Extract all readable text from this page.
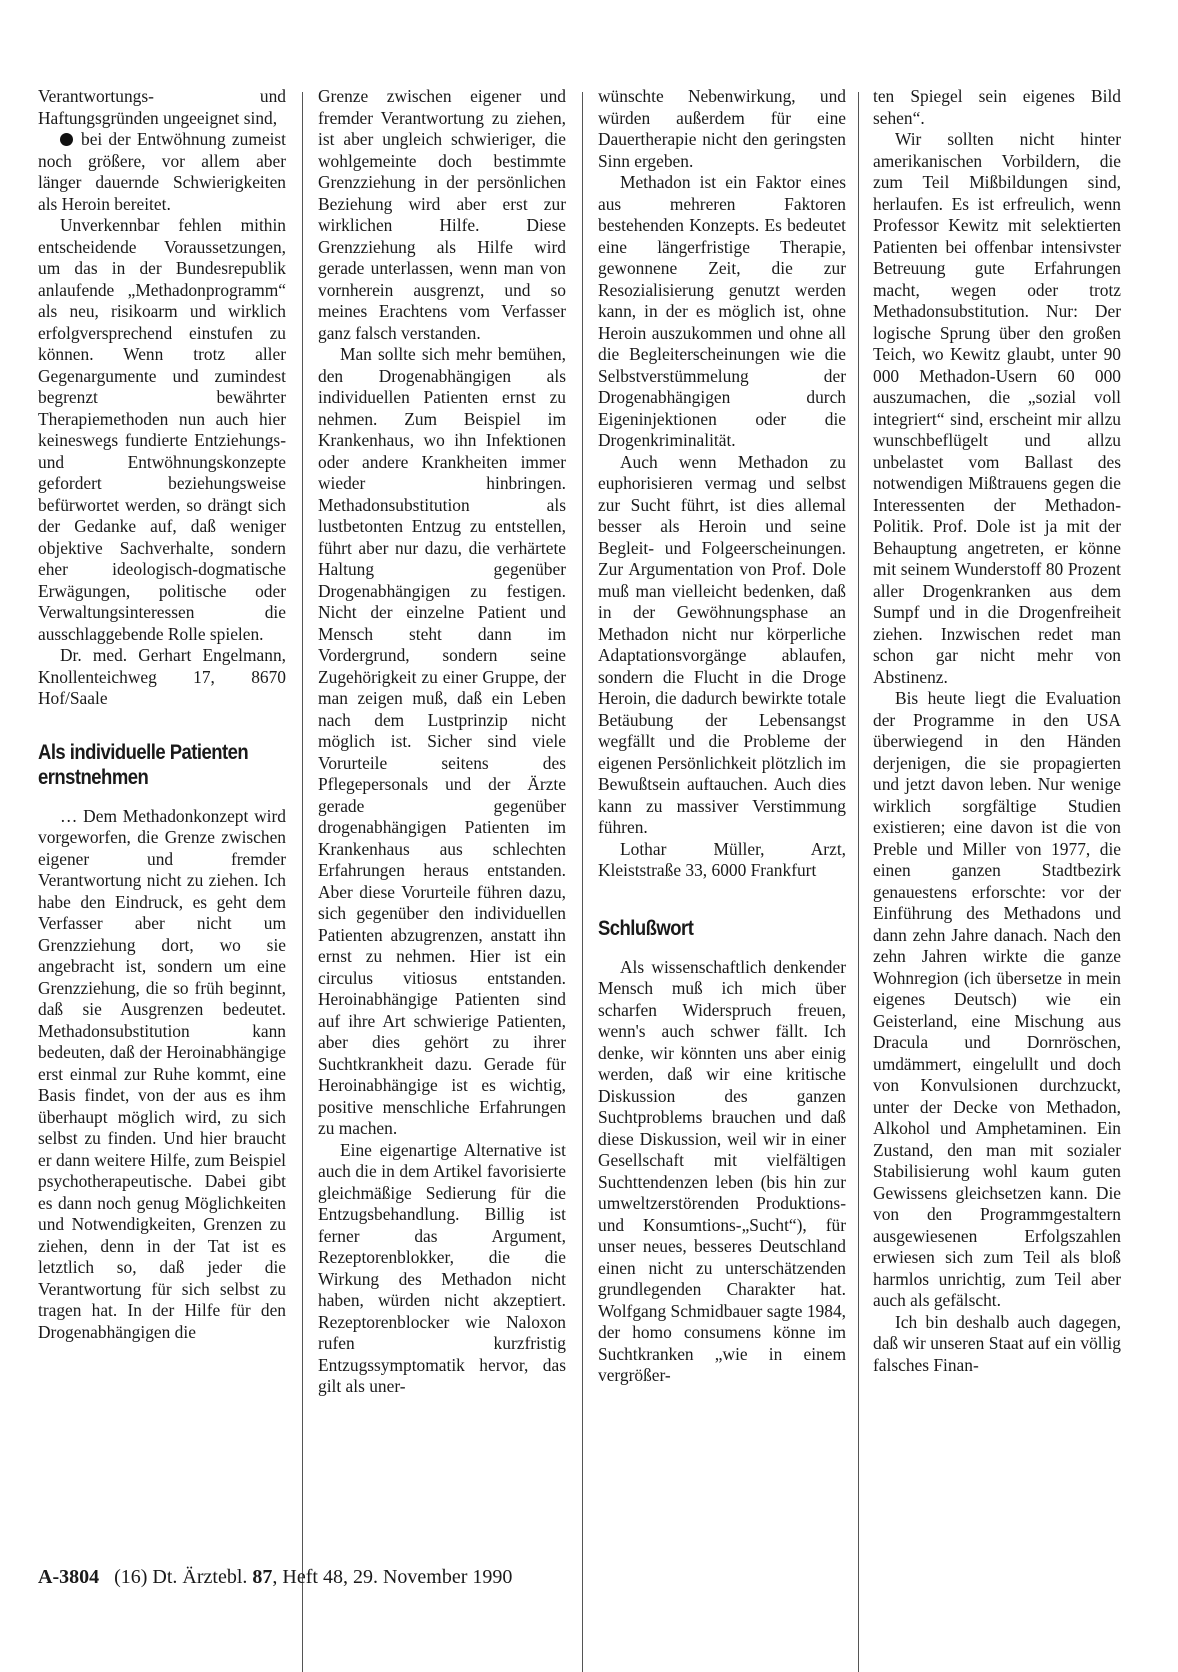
Verantwortungs- und Haftungsgründen ungeeignet sind,

bei der Entwöhnung zumeist noch größere, vor allem aber länger dauernde Schwierigkeiten als Heroin bereitet.

Unverkennbar fehlen mithin entscheidende Voraussetzungen, um das in der Bundesrepublik anlaufende „Methadonprogramm“ als neu, risikoarm und wirklich erfolgversprechend einstufen zu können. Wenn trotz aller Gegenargumente und zumindest begrenzt bewährter Therapiemethoden nun auch hier keineswegs fundierte Entziehungs- und Entwöhnungskonzepte gefordert beziehungsweise befürwortet werden, so drängt sich der Gedanke auf, daß weniger objektive Sachverhalte, sondern eher ideologisch-dogmatische Erwägungen, politische oder Verwaltungsinteressen die ausschlaggebende Rolle spielen.

Dr. med. Gerhart Engelmann, Knollenteichweg 17, 8670 Hof/Saale

Als individuelle Patienten ernstnehmen

… Dem Methadonkonzept wird vorgeworfen, die Grenze zwischen eigener und fremder Verantwortung nicht zu ziehen. Ich habe den Eindruck, es geht dem Verfasser aber nicht um Grenzziehung dort, wo sie angebracht ist, sondern um eine Grenzziehung, die so früh beginnt, daß sie Ausgrenzen bedeutet. Methadonsubstitution kann bedeuten, daß der Heroinabhängige erst einmal zur Ruhe kommt, eine Basis findet, von der aus es ihm überhaupt möglich wird, zu sich selbst zu finden. Und hier braucht er dann weitere Hilfe, zum Beispiel psychotherapeutische. Dabei gibt es dann noch genug Möglichkeiten und Notwendigkeiten, Grenzen zu ziehen, denn in der Tat ist es letztlich so, daß jeder die Verantwortung für sich selbst zu tragen hat. In der Hilfe für den Drogenabhängigen die

Grenze zwischen eigener und fremder Verantwortung zu ziehen, ist aber ungleich schwieriger, die wohlgemeinte doch bestimmte Grenzziehung in der persönlichen Beziehung wird aber erst zur wirklichen Hilfe. Diese Grenzziehung als Hilfe wird gerade unterlassen, wenn man von vornherein ausgrenzt, und so meines Erachtens vom Verfasser ganz falsch verstanden.

Man sollte sich mehr bemühen, den Drogenabhängigen als individuellen Patienten ernst zu nehmen. Zum Beispiel im Krankenhaus, wo ihn Infektionen oder andere Krankheiten immer wieder hinbringen. Methadonsubstitution als lustbetonten Entzug zu entstellen, führt aber nur dazu, die verhärtete Haltung gegenüber Drogenabhängigen zu festigen. Nicht der einzelne Patient und Mensch steht dann im Vordergrund, sondern seine Zugehörigkeit zu einer Gruppe, der man zeigen muß, daß ein Leben nach dem Lustprinzip nicht möglich ist. Sicher sind viele Vorurteile seitens des Pflegepersonals und der Ärzte gerade gegenüber drogenabhängigen Patienten im Krankenhaus aus schlechten Erfahrungen heraus entstanden. Aber diese Vorurteile führen dazu, sich gegenüber den individuellen Patienten abzugrenzen, anstatt ihn ernst zu nehmen. Hier ist ein circulus vitiosus entstanden. Heroinabhängige Patienten sind auf ihre Art schwierige Patienten, aber dies gehört zu ihrer Suchtkrankheit dazu. Gerade für Heroinabhängige ist es wichtig, positive menschliche Erfahrungen zu machen.

Eine eigenartige Alternative ist auch die in dem Artikel favorisierte gleichmäßige Sedierung für die Entzugsbehandlung. Billig ist ferner das Argument, Rezeptorenblokker, die die Wirkung des Methadon nicht haben, würden nicht akzeptiert. Rezeptorenblocker wie Naloxon rufen kurzfristig Entzugssymptomatik hervor, das gilt als uner-

wünschte Nebenwirkung, und würden außerdem für eine Dauertherapie nicht den geringsten Sinn ergeben.

Methadon ist ein Faktor eines aus mehreren Faktoren bestehenden Konzepts. Es bedeutet eine längerfristige Therapie, gewonnene Zeit, die zur Resozialisierung genutzt werden kann, in der es möglich ist, ohne Heroin auszukommen und ohne all die Begleiterscheinungen wie die Selbstverstümmelung der Drogenabhängigen durch Eigeninjektionen oder die Drogenkriminalität.

Auch wenn Methadon zu euphorisieren vermag und selbst zur Sucht führt, ist dies allemal besser als Heroin und seine Begleit- und Folgeerscheinungen. Zur Argumentation von Prof. Dole muß man vielleicht bedenken, daß in der Gewöhnungsphase an Methadon nicht nur körperliche Adaptationsvorgänge ablaufen, sondern die Flucht in die Droge Heroin, die dadurch bewirkte totale Betäubung der Lebensangst wegfällt und die Probleme der eigenen Persönlichkeit plötzlich im Bewußtsein auftauchen. Auch dies kann zu massiver Verstimmung führen.

Lothar Müller, Arzt, Kleiststraße 33, 6000 Frankfurt

Schlußwort

Als wissenschaftlich denkender Mensch muß ich mich über scharfen Widerspruch freuen, wenn's auch schwer fällt. Ich denke, wir könnten uns aber einig werden, daß wir eine kritische Diskussion des ganzen Suchtproblems brauchen und daß diese Diskussion, weil wir in einer Gesellschaft mit vielfältigen Suchttendenzen leben (bis hin zur umweltzerstörenden Produktions- und Konsumtions-„Sucht“), für unser neues, besseres Deutschland einen nicht zu unterschätzenden grundlegenden Charakter hat. Wolfgang Schmidbauer sagte 1984, der homo consumens könne im Suchtkranken „wie in einem vergrößer-

ten Spiegel sein eigenes Bild sehen“.

Wir sollten nicht hinter amerikanischen Vorbildern, die zum Teil Mißbildungen sind, herlaufen. Es ist erfreulich, wenn Professor Kewitz mit selektierten Patienten bei offenbar intensivster Betreuung gute Erfahrungen macht, wegen oder trotz Methadonsubstitution. Nur: Der logische Sprung über den großen Teich, wo Kewitz glaubt, unter 90 000 Methadon-Usern 60 000 auszumachen, die „sozial voll integriert“ sind, erscheint mir allzu wunschbeflügelt und allzu unbelastet vom Ballast des notwendigen Mißtrauens gegen die Interessenten der Methadon-Politik. Prof. Dole ist ja mit der Behauptung angetreten, er könne mit seinem Wunderstoff 80 Prozent aller Drogenkranken aus dem Sumpf und in die Drogenfreiheit ziehen. Inzwischen redet man schon gar nicht mehr von Abstinenz.

Bis heute liegt die Evaluation der Programme in den USA überwiegend in den Händen derjenigen, die sie propagierten und jetzt davon leben. Nur wenige wirklich sorgfältige Studien existieren; eine davon ist die von Preble und Miller von 1977, die einen ganzen Stadtbezirk genauestens erforschte: vor der Einführung des Methadons und dann zehn Jahre danach. Nach den zehn Jahren wirkte die ganze Wohnregion (ich übersetze in mein eigenes Deutsch) wie ein Geisterland, eine Mischung aus Dracula und Dornröschen, umdämmert, eingelullt und doch von Konvulsionen durchzuckt, unter der Decke von Methadon, Alkohol und Amphetaminen. Ein Zustand, den man mit sozialer Stabilisierung wohl kaum guten Gewissens gleichsetzen kann. Die von den Programmgestaltern ausgewiesenen Erfolgszahlen erwiesen sich zum Teil als bloß harmlos unrichtig, zum Teil aber auch als gefälscht.

Ich bin deshalb auch dagegen, daß wir unseren Staat auf ein völlig falsches Finan-

A-3804 (16) Dt. Ärztebl. 87, Heft 48, 29. November 1990
